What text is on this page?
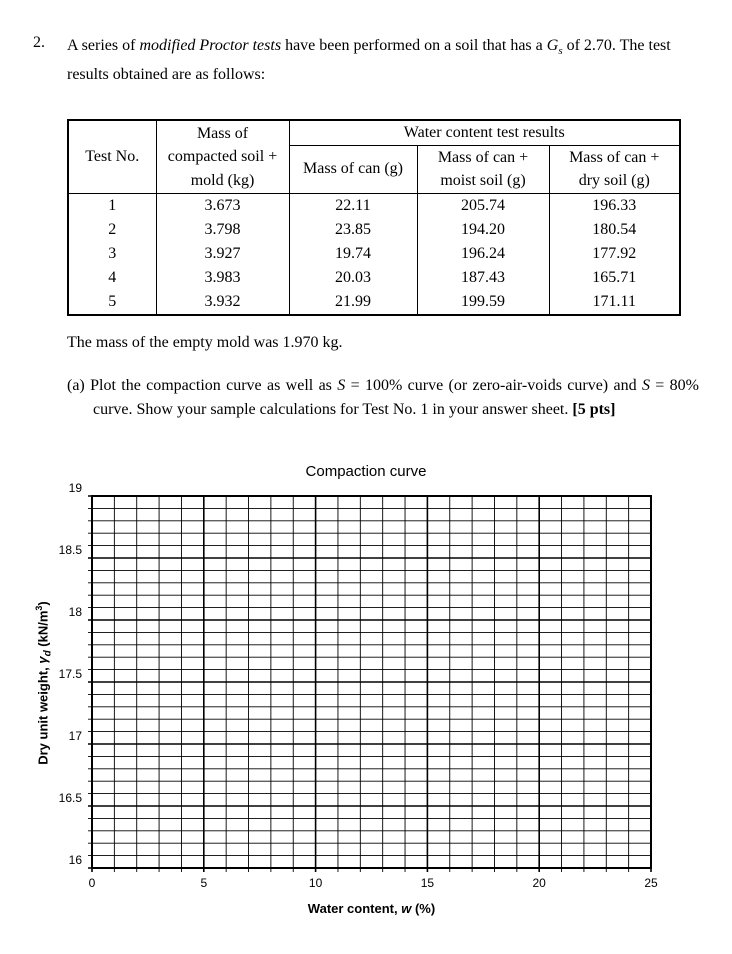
2. A series of modified Proctor tests have been performed on a soil that has a $G_s$ of 2.70. The test results obtained are as follows:
Test No.	Mass of compacted soil + mold (kg)	Water content test results		
		Mass of can (g)	Mass of can + moist soil (g)	Mass of can + dry soil (g)
1	3.673	22.11	205.74	196.33
2	3.798	23.85	194.20	180.54
3	3.927	19.74	196.24	177.92
4	3.983	20.03	187.43	165.71
5	3.932	21.99	199.59	171.11
The mass of the empty mold was 1.970 kg.
(a) Plot the compaction curve as well as S = 100% curve (or zero-air-voids curve) and S = 80% curve. Show your sample calculations for Test No. 1 in your answer sheet. [5 pts]
Compaction curve
16
16.5
17
17.5
18
18.5
19
0	5	10	15	20	25
Water content, w (%)
Dry unit weight, $\gamma_d$ $(kN/m^3)$
